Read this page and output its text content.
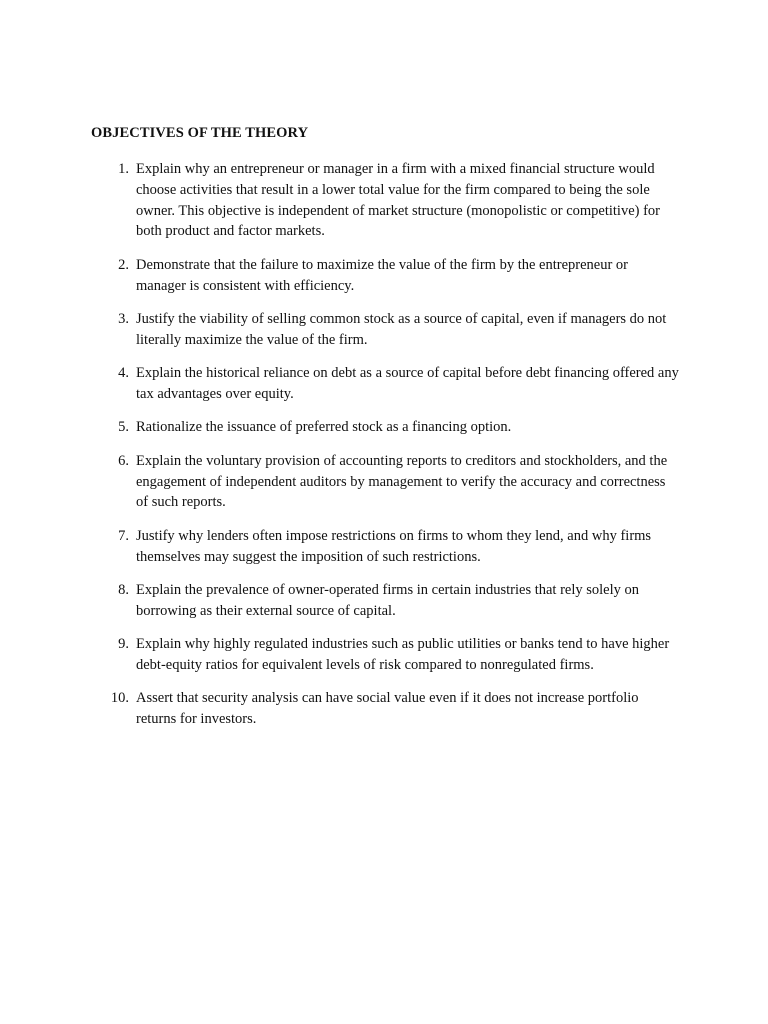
OBJECTIVES OF THE THEORY
1. Explain why an entrepreneur or manager in a firm with a mixed financial structure would choose activities that result in a lower total value for the firm compared to being the sole owner. This objective is independent of market structure (monopolistic or competitive) for both product and factor markets.
2. Demonstrate that the failure to maximize the value of the firm by the entrepreneur or manager is consistent with efficiency.
3. Justify the viability of selling common stock as a source of capital, even if managers do not literally maximize the value of the firm.
4. Explain the historical reliance on debt as a source of capital before debt financing offered any tax advantages over equity.
5. Rationalize the issuance of preferred stock as a financing option.
6. Explain the voluntary provision of accounting reports to creditors and stockholders, and the engagement of independent auditors by management to verify the accuracy and correctness of such reports.
7. Justify why lenders often impose restrictions on firms to whom they lend, and why firms themselves may suggest the imposition of such restrictions.
8. Explain the prevalence of owner-operated firms in certain industries that rely solely on borrowing as their external source of capital.
9. Explain why highly regulated industries such as public utilities or banks tend to have higher debt-equity ratios for equivalent levels of risk compared to nonregulated firms.
10. Assert that security analysis can have social value even if it does not increase portfolio returns for investors.
